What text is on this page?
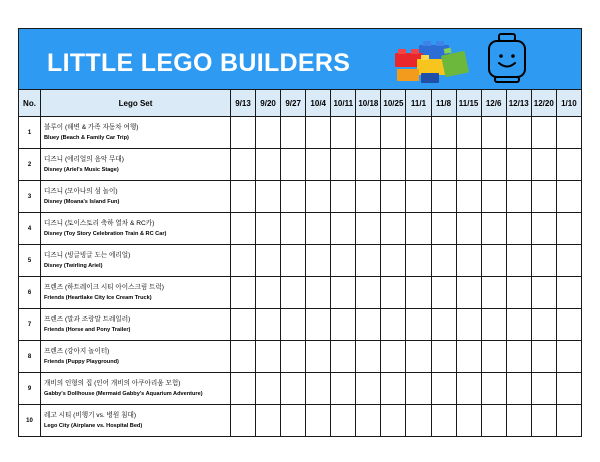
LITTLE LEGO BUILDERS
No.	Lego Set	9/13	9/20	9/27	10/4	10/11	10/18	10/25	11/1	11/8	11/15	12/6	12/13	12/20	1/10
1	블루이 (해변 & 가족 자동차 여행)
Bluey (Beach & Family Car Trip)														

2	디즈니 (에리얼의 음악 무대)
Disney (Ariel's Music Stage)														

3	디즈니 (모아나의 섬 놀이)
Disney (Moana's Island Fun)														

4	디즈니 (토이스토리 축하 열차 & RC카)
Disney (Toy Story Celebration Train & RC Car)														

5	디즈니 (빙글빙글 도는 에리얼)
Disney (Twirling Ariel)														

6	프렌즈 (하트레이크 시티 아이스크림 트럭)
Friends (Heartlake City Ice Cream Truck)														

7	프렌즈 (말과 조랑말 트레일러)
Friends (Horse and Pony Trailer)														

8	프렌즈 (강아지 놀이터)
Friends (Puppy Playground)														

9	개비의 인형의 집 (인어 개비의 아쿠아리움 모험)
Gabby's Dollhouse (Mermaid Gabby's Aquarium Adventure)														

10	레고 시티 (비행기 vs. 병원 침대)
Lego City (Airplane vs. Hospital Bed)														
